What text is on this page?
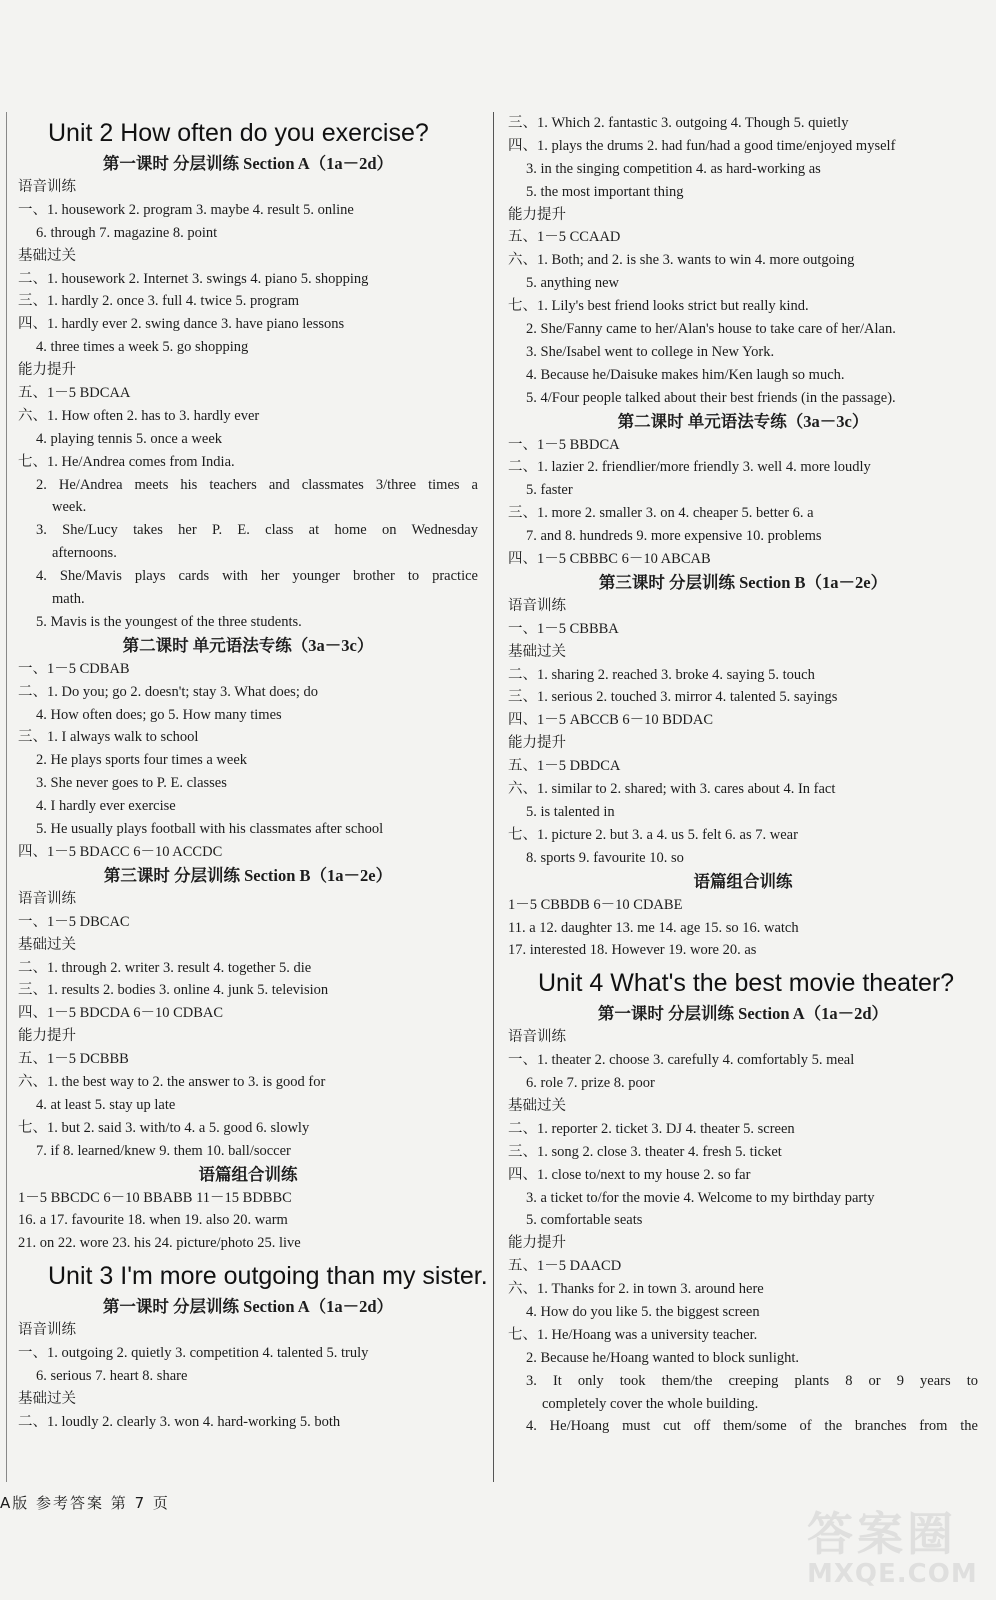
Unit 2 How often do you exercise?
第一课时 分层训练 Section A（1a－2d）
语音训练
一、1. housework 2. program 3. maybe 4. result 5. online
6. through 7. magazine 8. point
基础过关
二、1. housework 2. Internet 3. swings 4. piano 5. shopping
三、1. hardly 2. once 3. full 4. twice 5. program
四、1. hardly ever 2. swing dance 3. have piano lessons
4. three times a week 5. go shopping
能力提升
五、1－5 BDCAA
六、1. How often 2. has to 3. hardly ever
4. playing tennis 5. once a week
七、1. He/Andrea comes from India.
2. He/Andrea meets his teachers and classmates 3/three times a
week.
3. She/Lucy takes her P. E. class at home on Wednesday
afternoons.
4. She/Mavis plays cards with her younger brother to practice
math.
5. Mavis is the youngest of the three students.
第二课时 单元语法专练（3a－3c）
一、1－5 CDBAB
二、1. Do you; go 2. doesn't; stay 3. What does; do
4. How often does; go 5. How many times
三、1. I always walk to school
2. He plays sports four times a week
3. She never goes to P. E. classes
4. I hardly ever exercise
5. He usually plays football with his classmates after school
四、1－5 BDACC 6－10 ACCDC
第三课时 分层训练 Section B（1a－2e）
语音训练
一、1－5 DBCAC
基础过关
二、1. through 2. writer 3. result 4. together 5. die
三、1. results 2. bodies 3. online 4. junk 5. television
四、1－5 BDCDA 6－10 CDBAC
能力提升
五、1－5 DCBBB
六、1. the best way to 2. the answer to 3. is good for
4. at least 5. stay up late
七、1. but 2. said 3. with/to 4. a 5. good 6. slowly
7. if 8. learned/knew 9. them 10. ball/soccer
语篇组合训练
1－5 BBCDC 6－10 BBABB 11－15 BDBBC
16. a 17. favourite 18. when 19. also 20. warm
21. on 22. wore 23. his 24. picture/photo 25. live
Unit 3 I'm more outgoing than my sister.
第一课时 分层训练 Section A（1a－2d）
语音训练
一、1. outgoing 2. quietly 3. competition 4. talented 5. truly
6. serious 7. heart 8. share
基础过关
二、1. loudly 2. clearly 3. won 4. hard-working 5. both
三、1. Which 2. fantastic 3. outgoing 4. Though 5. quietly
四、1. plays the drums 2. had fun/had a good time/enjoyed myself
3. in the singing competition 4. as hard-working as
5. the most important thing
能力提升
五、1－5 CCAAD
六、1. Both; and 2. is she 3. wants to win 4. more outgoing
5. anything new
七、1. Lily's best friend looks strict but really kind.
2. She/Fanny came to her/Alan's house to take care of her/Alan.
3. She/Isabel went to college in New York.
4. Because he/Daisuke makes him/Ken laugh so much.
5. 4/Four people talked about their best friends (in the passage).
第二课时 单元语法专练（3a－3c）
一、1－5 BBDCA
二、1. lazier 2. friendlier/more friendly 3. well 4. more loudly
5. faster
三、1. more 2. smaller 3. on 4. cheaper 5. better 6. a
7. and 8. hundreds 9. more expensive 10. problems
四、1－5 CBBBC 6－10 ABCAB
第三课时 分层训练 Section B（1a－2e）
语音训练
一、1－5 CBBBA
基础过关
二、1. sharing 2. reached 3. broke 4. saying 5. touch
三、1. serious 2. touched 3. mirror 4. talented 5. sayings
四、1－5 ABCCB 6－10 BDDAC
能力提升
五、1－5 DBDCA
六、1. similar to 2. shared; with 3. cares about 4. In fact
5. is talented in
七、1. picture 2. but 3. a 4. us 5. felt 6. as 7. wear
8. sports 9. favourite 10. so
语篇组合训练
1－5 CBBDB 6－10 CDABE
11. a 12. daughter 13. me 14. age 15. so 16. watch
17. interested 18. However 19. wore 20. as
Unit 4 What's the best movie theater?
第一课时 分层训练 Section A（1a－2d）
语音训练
一、1. theater 2. choose 3. carefully 4. comfortably 5. meal
6. role 7. prize 8. poor
基础过关
二、1. reporter 2. ticket 3. DJ 4. theater 5. screen
三、1. song 2. close 3. theater 4. fresh 5. ticket
四、1. close to/next to my house 2. so far
3. a ticket to/for the movie 4. Welcome to my birthday party
5. comfortable seats
能力提升
五、1－5 DAACD
六、1. Thanks for 2. in town 3. around here
4. How do you like 5. the biggest screen
七、1. He/Hoang was a university teacher.
2. Because he/Hoang wanted to block sunlight.
3. It only took them/the creeping plants 8 or 9 years to
completely cover the whole building.
4. He/Hoang must cut off them/some of the branches from the
A版 参考答案 第 7 页
答案圈
MXQE.COM
